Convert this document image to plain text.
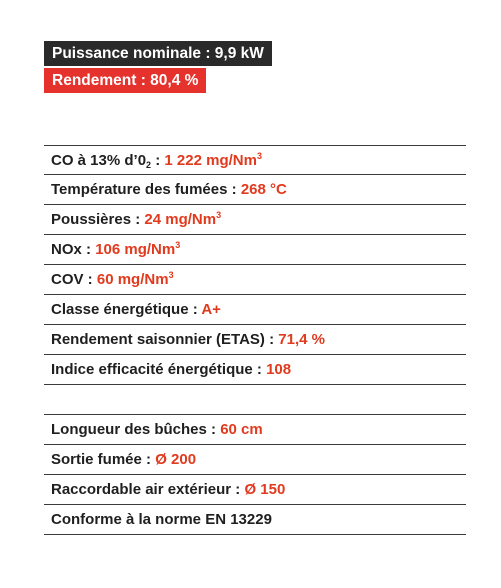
Puissance nominale : 9,9 kW
Rendement : 80,4 %
CO à 13% $d’0_2$ : 1 222 mg/Nm$^3$
Température des fumées : 268 °C
Poussières : 24 mg/Nm$^3$
NOx : 106 mg/Nm$^3$
COV : 60 mg/Nm$^3$
Classe énergétique : A+
Rendement saisonnier (ETAS) : 71,4 %
Indice efficacité énergétique : 108
Longueur des bûches : 60 cm
Sortie fumée : Ø 200
Raccordable air extérieur : Ø 150
Conforme à la norme EN 13229
